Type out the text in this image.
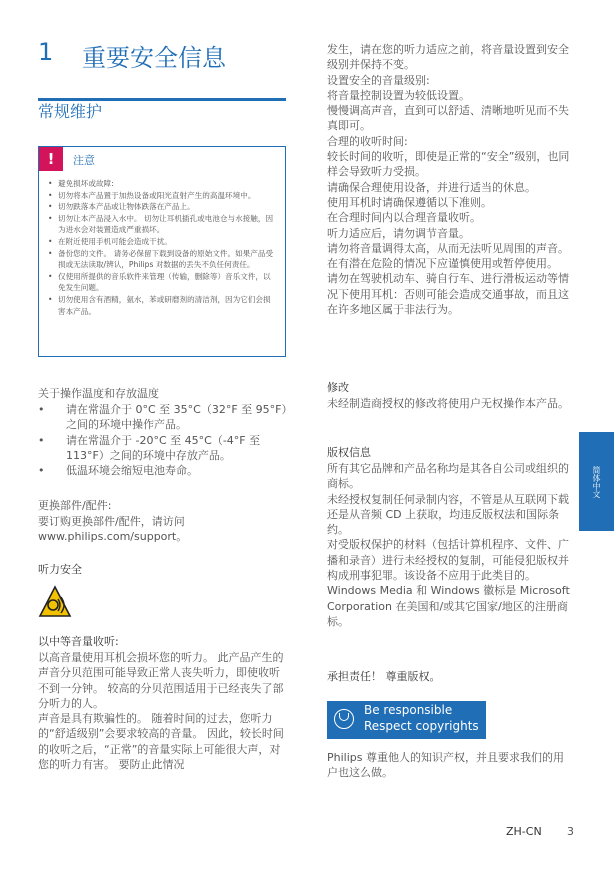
1 重要安全信息
常规维护
!	注意
• 避免损坏或故障:
• 切勿将本产品置于加热设备或阳光直射产生的高温环境中。
• 切勿跌落本产品或让物体跌落在产品上。
• 切勿让本产品浸入水中。 切勿让耳机插孔或电池仓与水接触，因为进水会对装置造成严重损坏。
• 在附近使用手机可能会造成干扰。
• 备份您的文件。 请务必保留下载到设备的原始文件。如果产品受损或无法读取/辨认，Philips 对数据的丢失不负任何责任。
• 仅使用所提供的音乐软件来管理（传输，删除等）音乐文件，以免发生问题。
• 切勿使用含有酒精，氨水，苯或研磨剂的清洁剂，因为它们会损害本产品。
关于操作温度和存放温度
• 请在常温介于 0°C 至 35°C（32°F 至 95°F）之间的环境中操作产品。
• 请在常温介于 -20°C 至 45°C（-4°F 至 113°F）之间的环境中存放产品。
• 低温环境会缩短电池寿命。
更换部件/配件:
要订购更换部件/配件，请访问 www.philips.com/support。
听力安全
以中等音量收听:
以高音量使用耳机会损坏您的听力。 此产品产生的声音分贝范围可能导致正常人丧失听力，即使收听不到一分钟。 较高的分贝范围适用于已经丧失了部分听力的人。
声音是具有欺骗性的。 随着时间的过去，您听力的“舒适级别”会要求较高的音量。 因此，较长时间的收听之后，“正常”的音量实际上可能很大声，对您的听力有害。 要防止此情况
发生，请在您的听力适应之前，将音量设置到安全级别并保持不变。
设置安全的音量级别:
将音量控制设置为较低设置。
慢慢调高声音，直到可以舒适、清晰地听见而不失真即可。
合理的收听时间:
较长时间的收听，即使是正常的“安全”级别，也同样会导致听力受损。
请确保合理使用设备，并进行适当的休息。
使用耳机时请确保遵循以下准则。
在合理时间内以合理音量收听。
听力适应后，请勿调节音量。
请勿将音量调得太高，从而无法听见周围的声音。
在有潜在危险的情况下应谨慎使用或暂停使用。
请勿在驾驶机动车、骑自行车、进行滑板运动等情况下使用耳机：否则可能会造成交通事故，而且这在许多地区属于非法行为。
修改
未经制造商授权的修改将使用户无权操作本产品。
版权信息
所有其它品牌和产品名称均是其各自公司或组织的商标。
未经授权复制任何录制内容，不管是从互联网下载还是从音频 CD 上获取，均违反版权法和国际条约。
对受版权保护的材料（包括计算机程序、文件、广播和录音）进行未经授权的复制，可能侵犯版权并构成刑事犯罪。该设备不应用于此类目的。
Windows Media 和 Windows 徽标是 Microsoft Corporation 在美国和/或其它国家/地区的注册商标。
承担责任！ 尊重版权。
Be responsible
Respect copyrights
Philips 尊重他人的知识产权，并且要求我们的用户也这么做。
简体中文
ZH-CN 3
